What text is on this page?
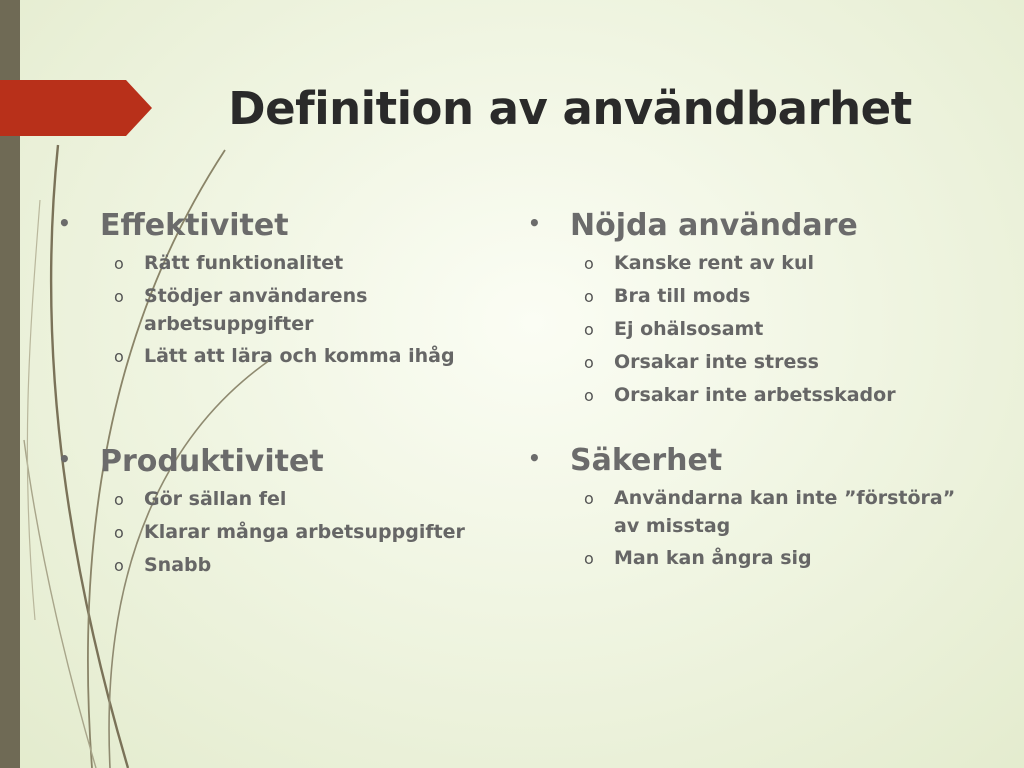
Definition av användbarhet
• Effektivitet
o	Rätt funktionalitet
o	Stödjer användarens arbetsuppgifter
o	Lätt att lära och komma ihåg
• Produktivitet
o	Gör sällan fel
o	Klarar många arbetsuppgifter
o	Snabb
• Nöjda användare
o	Kanske rent av kul
o	Bra till mods
o	Ej ohälsosamt
o	Orsakar inte stress
o	Orsakar inte arbetsskador
• Säkerhet
o	Användarna kan inte ”förstöra” av misstag
o	Man kan ångra sig
